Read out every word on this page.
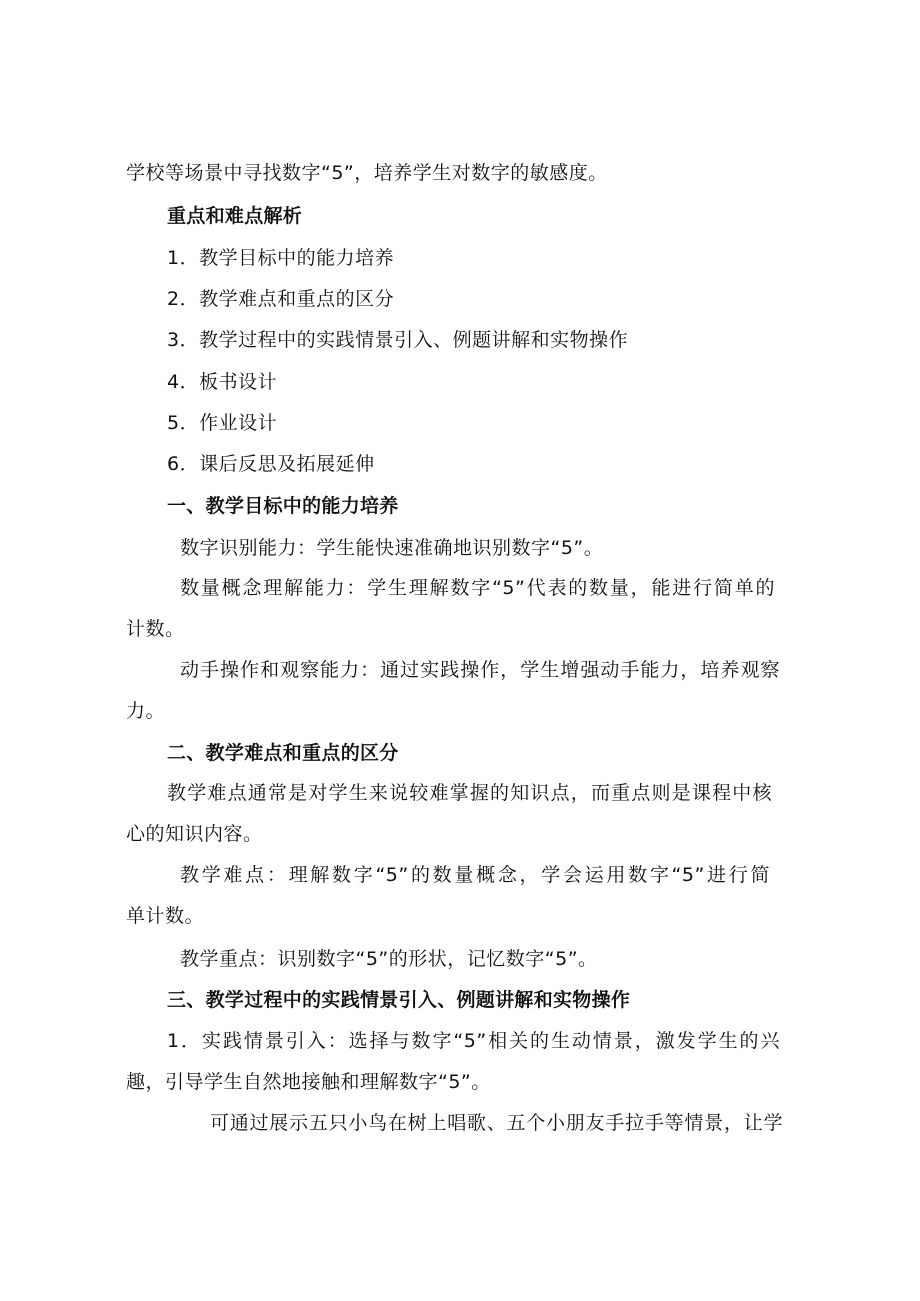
学校等场景中寻找数字“5”，培养学生对数字的敏感度。
重点和难点解析
1．教学目标中的能力培养
2．教学难点和重点的区分
3．教学过程中的实践情景引入、例题讲解和实物操作
4．板书设计
5．作业设计
6．课后反思及拓展延伸
一、教学目标中的能力培养
数字识别能力：学生能快速准确地识别数字“5”。
数量概念理解能力：学生理解数字“5”代表的数量，能进行简单的
计数。
动手操作和观察能力：通过实践操作，学生增强动手能力，培养观察
力。
二、教学难点和重点的区分
教学难点通常是对学生来说较难掌握的知识点，而重点则是课程中核
心的知识内容。
教学难点：理解数字“5”的数量概念，学会运用数字“5”进行简
单计数。
教学重点：识别数字“5”的形状，记忆数字“5”。
三、教学过程中的实践情景引入、例题讲解和实物操作
1．实践情景引入：选择与数字“5”相关的生动情景，激发学生的兴
趣，引导学生自然地接触和理解数字“5”。
可通过展示五只小鸟在树上唱歌、五个小朋友手拉手等情景，让学
